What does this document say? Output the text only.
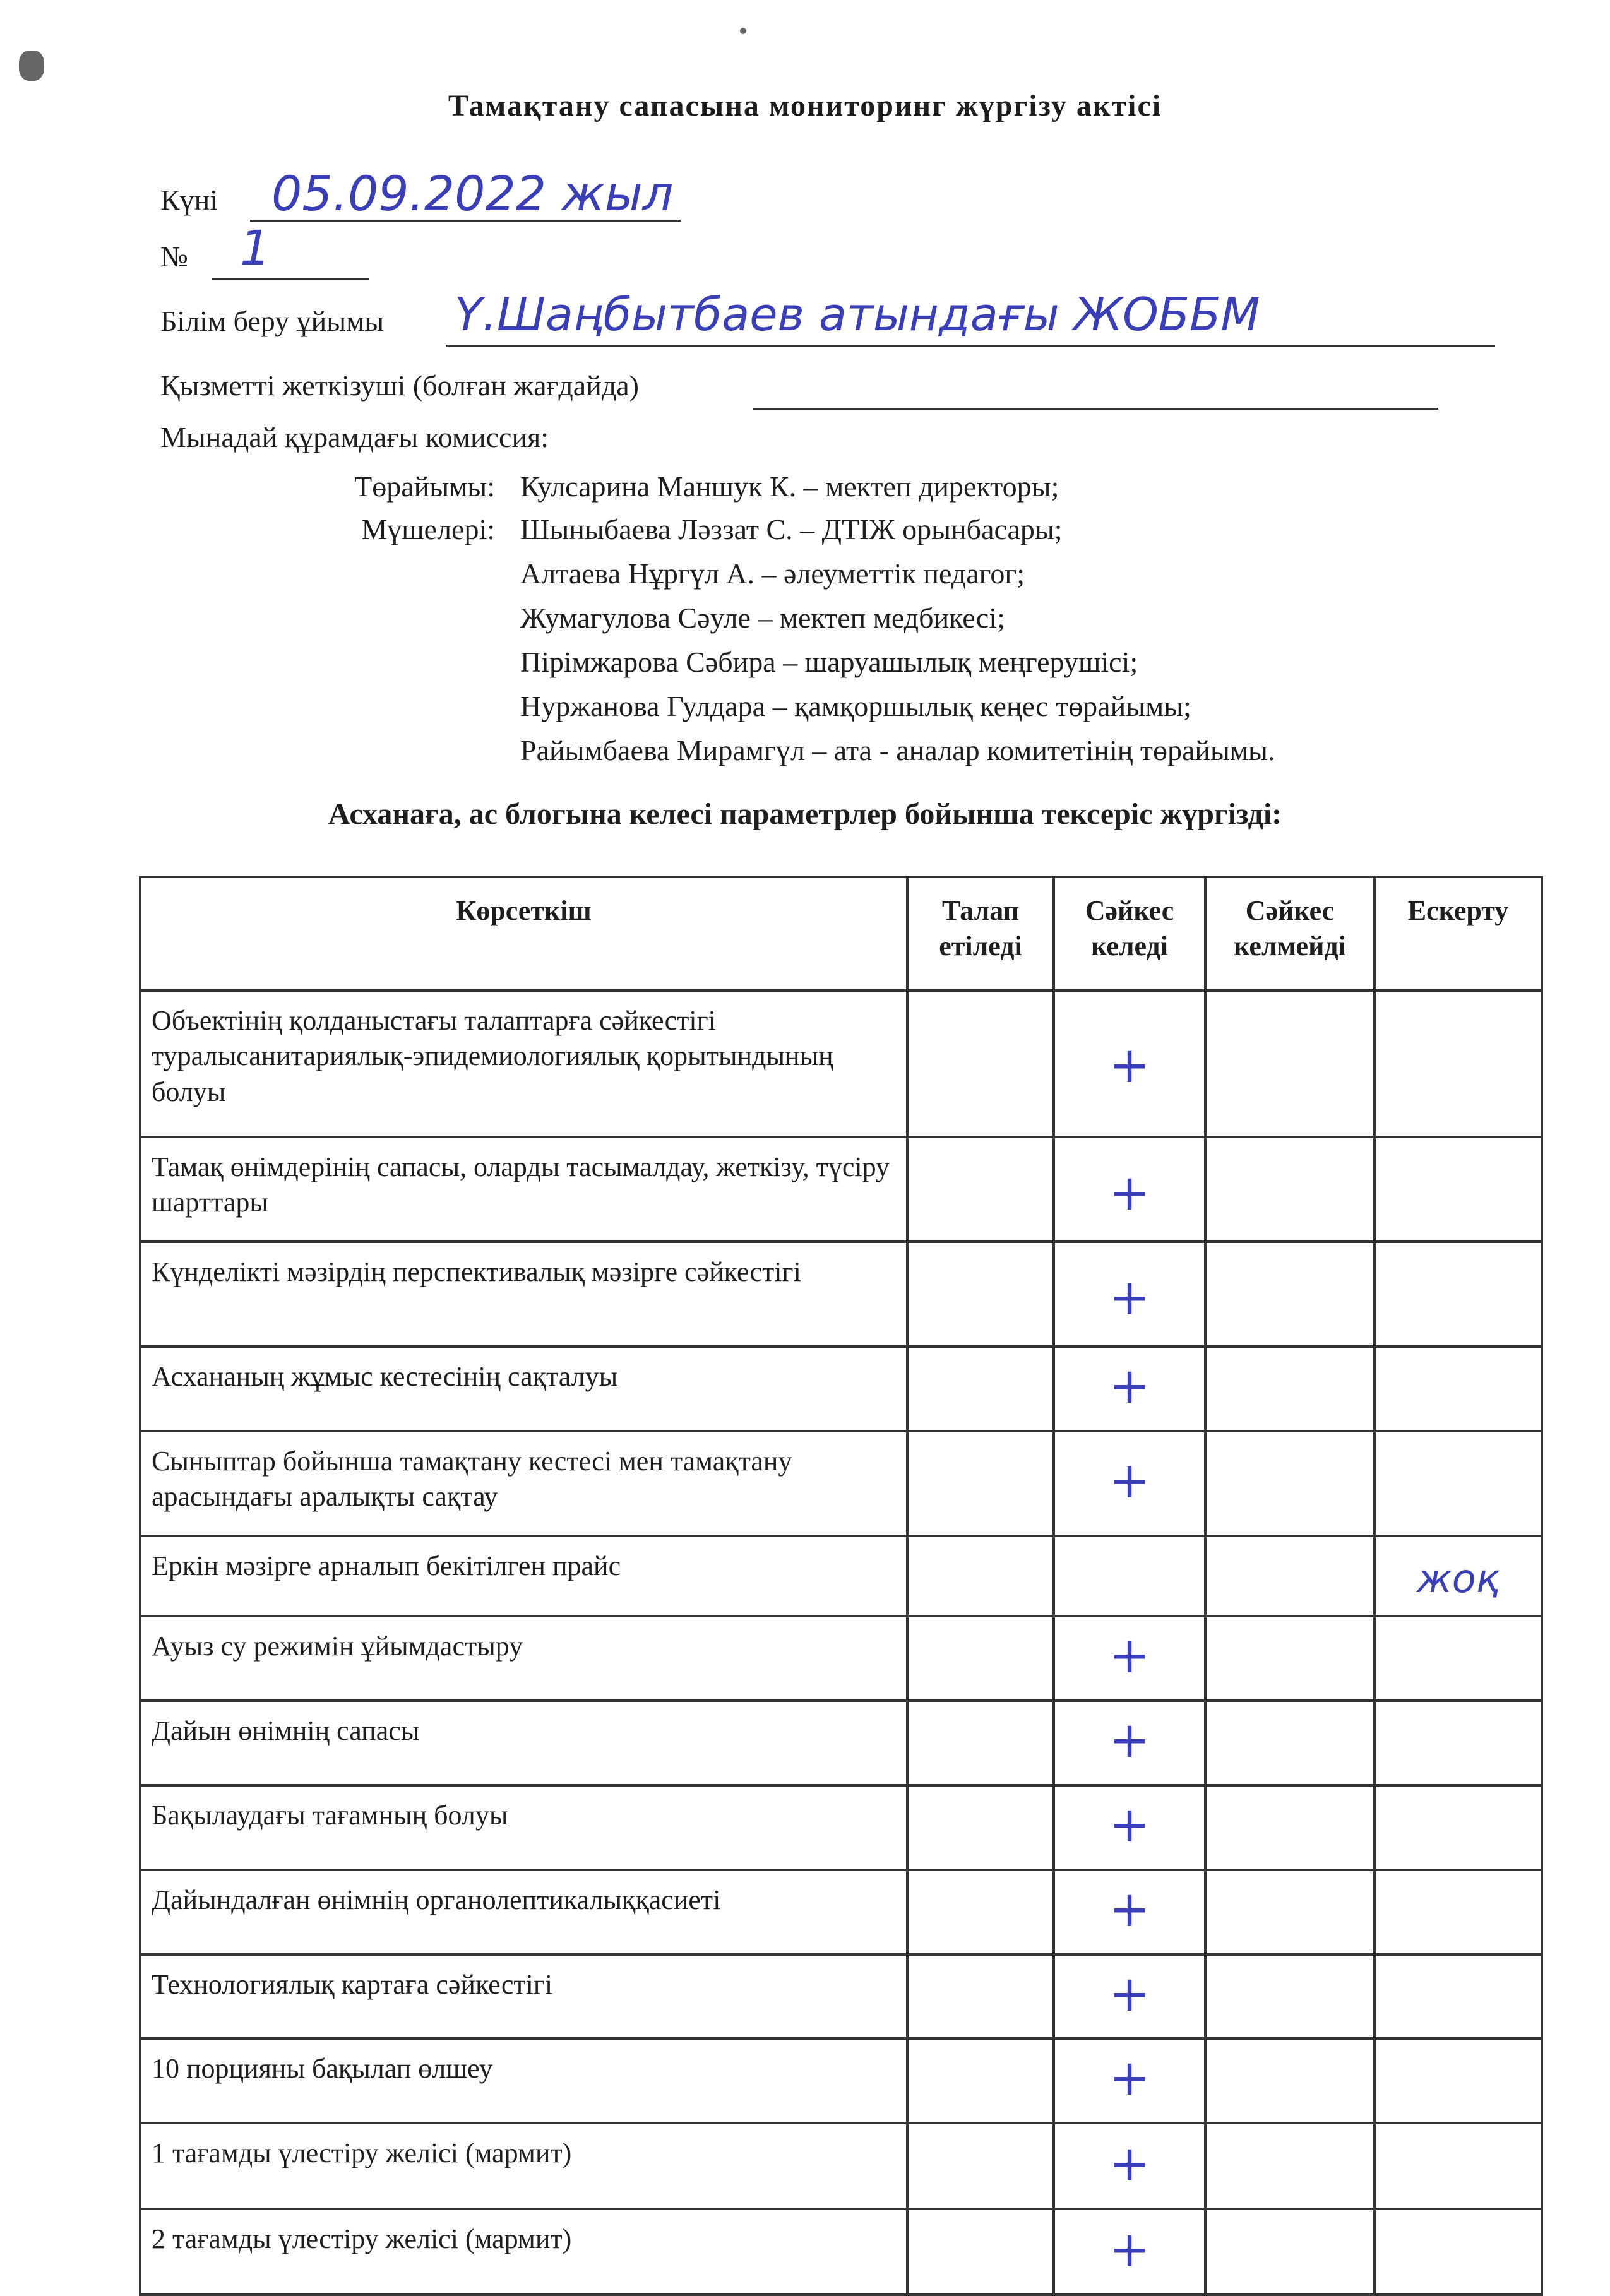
Тамақтану сапасына мониторинг жүргізу актісі
Күні 05.09.2022 жыл
№ 1
Білім беру ұйымы Ү.Шаңбытбаев атындағы ЖОББМ
Қызметті жеткізуші (болған жағдайда)
Мынадай құрамдағы комиссия:
Төрайымы: Кулсарина Маншук К. – мектеп директоры;
Мүшелері: Шыныбаева Ләззат С. – ДТІЖ орынбасары;
Алтаева Нұргүл А. – әлеуметтік педагог;
Жумагулова Сәуле – мектеп медбикесі;
Пірімжарова Сәбира – шаруашылық меңгерушісі;
Нуржанова Гулдара – қамқоршылық кеңес төрайымы;
Райымбаева Мирамгүл – ата - аналар комитетінің төрайымы.
Асханаға, ас блогына келесі параметрлер бойынша тексеріс жүргізді:
Көрсеткіш	Талап етіледі	Сәйкес келеді	Сәйкес келмейді	Ескерту
Объектінің қолданыстағы талаптарға сәйкестігі туралысанитариялық-эпидемиологиялық қорытындының болуы		+		

Тамақ өнімдерінің сапасы, оларды тасымалдау, жеткізу, түсіру шарттары		+		

Күнделікті мәзірдің перспективалық мәзірге сәйкестігі		+		

Асхананың жұмыс кестесінің сақталуы		+		

Сыныптар бойынша тамақтану кестесі мен тамақтану арасындағы аралықты сақтау		+		

Еркін мәзірге арналып бекітілген прайс				жоқ

Ауыз су режимін ұйымдастыру		+		

Дайын өнімнің сапасы		+		

Бақылаудағы тағамның болуы		+		

Дайындалған өнімнің органолептикалыққасиеті		+		

Технологиялық картаға сәйкестігі		+		

10 порцияны бақылап өлшеу		+		

1 тағамды үлестіру желісі (мармит)		+		

2 тағамды үлестіру желісі (мармит)		+		
